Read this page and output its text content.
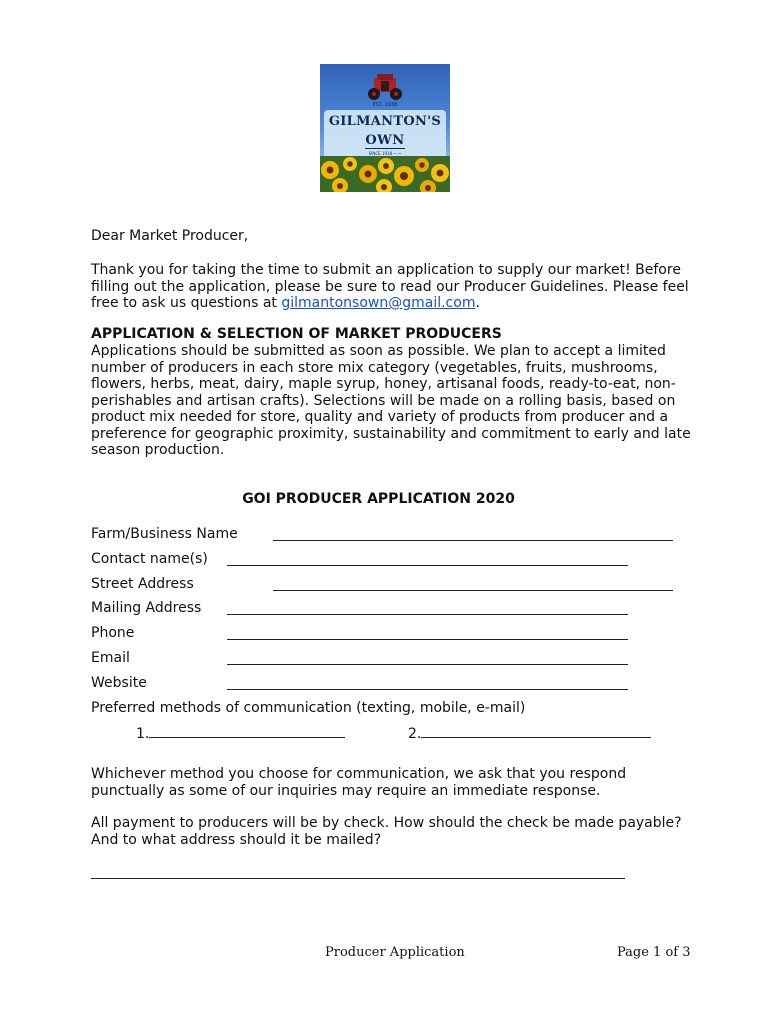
EST. 1938
GILMANTON'S
OWN
SINCE 1938 ~ ~

Dear Market Producer,

Thank you for taking the time to submit an application to supply our market! Before filling out the application, please be sure to read our Producer Guidelines. Please feel free to ask us questions at gilmantonsown@gmail.com.

APPLICATION & SELECTION OF MARKET PRODUCERS

Applications should be submitted as soon as possible. We plan to accept a limited number of producers in each store mix category (vegetables, fruits, mushrooms, flowers, herbs, meat, dairy, maple syrup, honey, artisanal foods, ready-to-eat, non-perishables and artisan crafts). Selections will be made on a rolling basis, based on product mix needed for store, quality and variety of products from producer and a preference for geographic proximity, sustainability and commitment to early and late season production.

GOI PRODUCER APPLICATION 2020

Farm/Business Name
Contact name(s)
Street Address
Mailing Address
Phone
Email
Website
Preferred methods of communication (texting, mobile, e-mail)
1.	2.

Whichever method you choose for communication, we ask that you respond punctually as some of our inquiries may require an immediate response.

All payment to producers will be by check. How should the check be made payable? And to what address should it be mailed?

Producer Application	Page 1 of 3
